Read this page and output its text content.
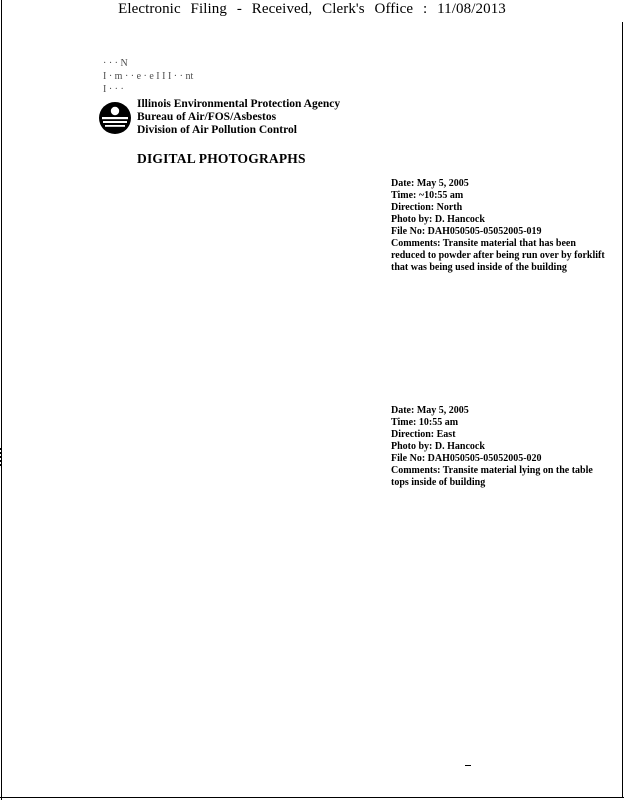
Electronic Filing - Received, Clerk's Office : 11/08/2013
· · · N
I · m · · e · e I I I · · nt
I · · ·
Illinois Environmental Protection Agency
Bureau of Air/FOS/Asbestos
Division of Air Pollution Control
DIGITAL PHOTOGRAPHS
Date: May 5, 2005
Time: ~10:55 am
Direction: North
Photo by: D. Hancock
File No: DAH050505-05052005-019
Comments: Transite material that has been reduced to powder after being run over by forklift that was being used inside of the building
Date: May 5, 2005
Time: 10:55 am
Direction: East
Photo by: D. Hancock
File No: DAH050505-05052005-020
Comments: Transite material lying on the table tops inside of building
